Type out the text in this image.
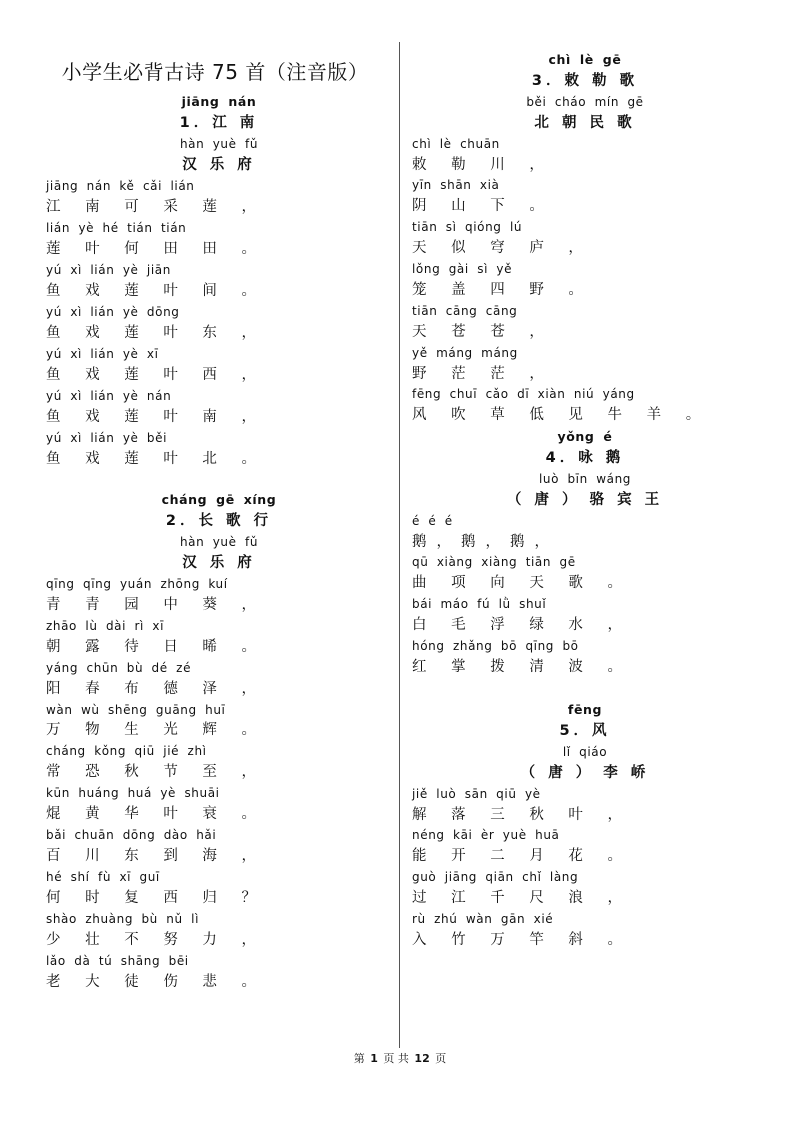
小学生必背古诗 75 首（注音版）
jiāng nán
1．江 南
hàn yuè fǔ
汉 乐 府
jiāng nán kě cǎi lián
江 南 可 采 莲 ，
lián yè hé tián tián
莲 叶 何 田 田 。
yú xì lián yè jiān
鱼 戏 莲 叶 间 。
yú xì lián yè dōng
鱼 戏 莲 叶 东 ，
yú xì lián yè xī
鱼 戏 莲 叶 西 ，
yú xì lián yè nán
鱼 戏 莲 叶 南 ，
yú xì lián yè běi
鱼 戏 莲 叶 北 。
cháng gē xíng
2．长 歌 行
hàn yuè fǔ
汉 乐 府
qīng qīng yuán zhōng kuí
青 青 园 中 葵 ，
zhāo lù dài rì xī
朝 露 待 日 晞 。
yáng chūn bù dé zé
阳 春 布 德 泽 ，
wàn wù shēng guāng huī
万 物 生 光 辉 。
cháng kǒng qiū jié zhì
常 恐 秋 节 至 ，
kūn huáng huá yè shuāi
焜 黄 华 叶 衰 。
bǎi chuān dōng dào hǎi
百 川 东 到 海 ，
hé shí fù xī guī
何 时 复 西 归 ？
shào zhuàng bù nǔ lì
少 壮 不 努 力 ，
lǎo dà tú shāng bēi
老 大 徒 伤 悲 。
chì lè gē
3．敕 勒 歌
běi cháo mín gē
北 朝 民 歌
chì lè chuān
敕 勒 川 ，
yīn shān xià
阴 山 下 。
tiān sì qióng lú
天 似 穹 庐 ，
lǒng gài sì yě
笼 盖 四 野 。
tiān cāng cāng
天 苍 苍 ，
yě máng máng
野 茫 茫 ，
fēng chuī cǎo dī xiàn niú yáng
风 吹 草 低 见 牛 羊 。
yǒng é
4．咏 鹅
luò bīn wáng
（ 唐 ） 骆 宾 王
é é é
鹅，鹅，鹅，
qū xiàng xiàng tiān gē
曲 项 向 天 歌 。
bái máo fú lǜ shuǐ
白 毛 浮 绿 水 ，
hóng zhǎng bō qīng bō
红 掌 拨 清 波 。
fēng
5．风
lǐ qiáo
（ 唐 ） 李 峤
jiě luò sān qiū yè
解 落 三 秋 叶 ，
néng kāi èr yuè huā
能 开 二 月 花 。
guò jiāng qiān chǐ làng
过 江 千 尺 浪 ，
rù zhú wàn gān xié
入 竹 万 竿 斜 。
第 1 页 共 12 页
